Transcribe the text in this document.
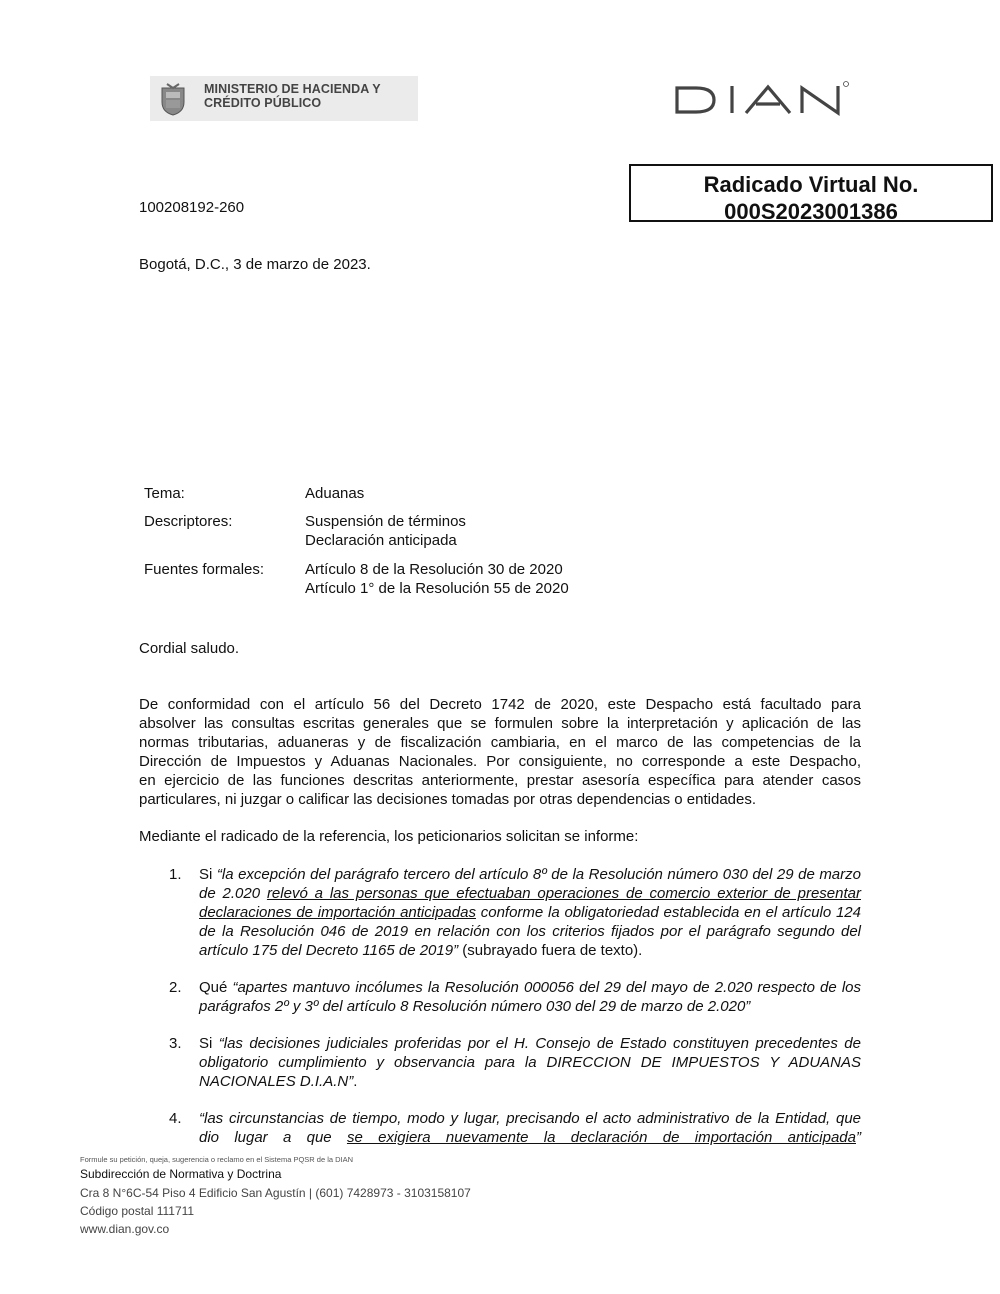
MINISTERIO DE HACIENDA Y
CRÉDITO PÚBLICO
Radicado Virtual No.
000S2023001386
100208192-260
Bogotá, D.C., 3 de marzo de 2023.
Tema:	Aduanas
Descriptores:	Suspensión de términos
Declaración anticipada
Fuentes formales:	Artículo 8 de la Resolución 30 de 2020
Artículo 1° de la Resolución 55 de 2020
Cordial saludo.
De conformidad con el artículo 56 del Decreto 1742 de 2020, este Despacho está facultado para
absolver las consultas escritas generales que se formulen sobre la interpretación y aplicación de las
normas tributarias, aduaneras y de fiscalización cambiaria, en el marco de las competencias de la
Dirección de Impuestos y Aduanas Nacionales. Por consiguiente, no corresponde a este Despacho,
en ejercicio de las funciones descritas anteriormente, prestar asesoría específica para atender casos
particulares, ni juzgar o calificar las decisiones tomadas por otras dependencias o entidades.
Mediante el radicado de la referencia, los peticionarios solicitan se informe:
1. Si “la excepción del parágrafo tercero del artículo 8º de la Resolución número 030 del 29 de marzo de 2.020 relevó a las personas que efectuaban operaciones de comercio exterior de presentar declaraciones de importación anticipadas conforme la obligatoriedad establecida en el artículo 124 de la Resolución 046 de 2019 en relación con los criterios fijados por el parágrafo segundo del artículo 175 del Decreto 1165 de 2019” (subrayado fuera de texto).
2. Qué “apartes mantuvo incólumes la Resolución 000056 del 29 del mayo de 2.020 respecto de los parágrafos 2º y 3º del artículo 8 Resolución número 030 del 29 de marzo de 2.020”
3. Si “las decisiones judiciales proferidas por el H. Consejo de Estado constituyen precedentes de obligatorio cumplimiento y observancia para la DIRECCION DE IMPUESTOS Y ADUANAS NACIONALES D.I.A.N”.
4. “las circunstancias de tiempo, modo y lugar, precisando el acto administrativo de la Entidad, que dio lugar a que se exigiera nuevamente la declaración de importación anticipada”
Formule su petición, queja, sugerencia o reclamo en el Sistema PQSR de la DIAN
Subdirección de Normativa y Doctrina
Cra 8 N°6C-54 Piso 4 Edificio San Agustín | (601) 7428973 - 3103158107
Código postal 111711
www.dian.gov.co
